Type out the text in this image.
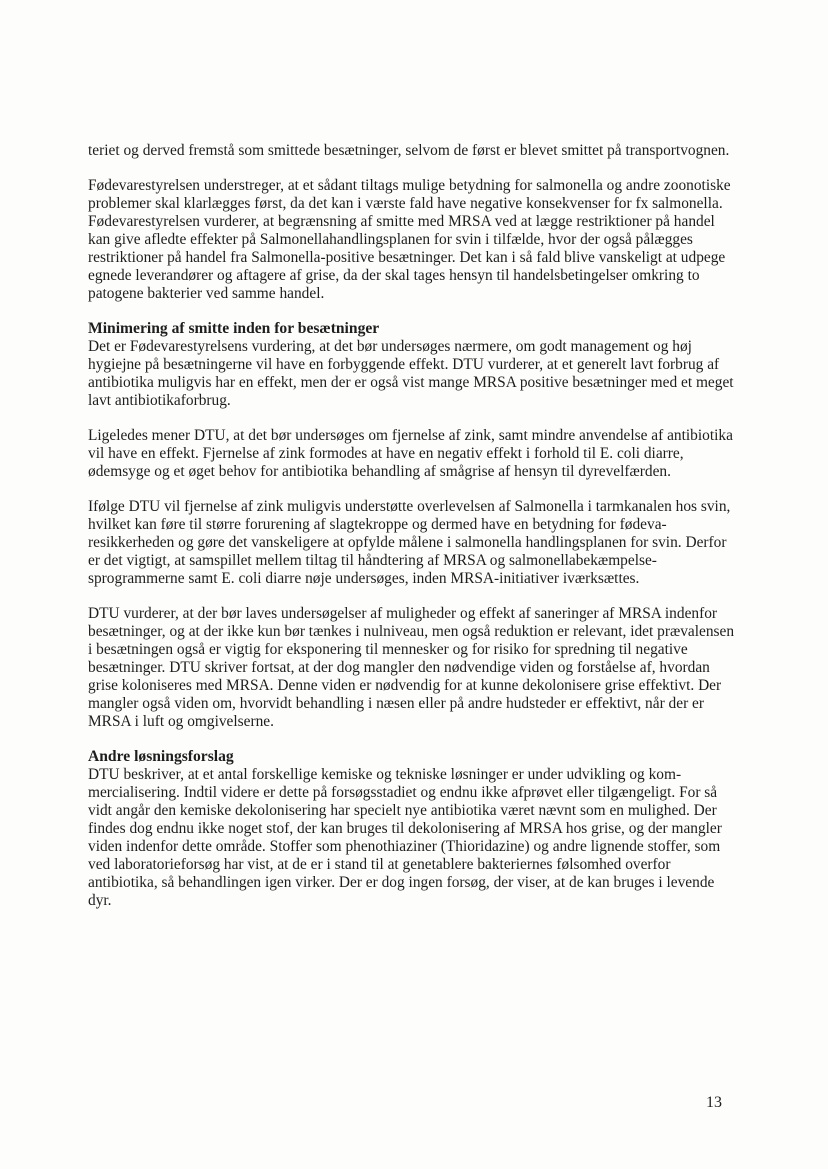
teriet og derved fremstå som smittede besætninger, selvom de først er blevet smittet på transportvognen.

Fødevarestyrelsen understreger, at et sådant tiltags mulige betydning for salmonella og andre zoonotiske problemer skal klarlægges først, da det kan i værste fald have negative konsekvenser for fx salmonella. Fødevarestyrelsen vurderer, at begrænsning af smitte med MRSA ved at lægge restriktioner på handel kan give afledte effekter på Salmonellahandlingsplanen for svin i tilfælde, hvor der også pålægges restriktioner på handel fra Salmonella-positive besætninger. Det kan i så fald blive vanskeligt at udpege egnede leverandører og aftagere af grise, da der skal tages hensyn til handelsbetingelser omkring to patogene bakterier ved samme handel.

Minimering af smitte inden for besætninger

Det er Fødevarestyrelsens vurdering, at det bør undersøges nærmere, om godt management og høj hygiejne på besætningerne vil have en forbyggende effekt. DTU vurderer, at et generelt lavt forbrug af antibiotika muligvis har en effekt, men der er også vist mange MRSA positive besætninger med et meget lavt antibiotikaforbrug.

Ligeledes mener DTU, at det bør undersøges om fjernelse af zink, samt mindre anvendelse af antibiotika vil have en effekt. Fjernelse af zink formodes at have en negativ effekt i forhold til E. coli diarre, ødemsyge og et øget behov for antibiotika behandling af smågrise af hensyn til dyrevelfærden.

Ifølge DTU vil fjernelse af zink muligvis understøtte overlevelsen af Salmonella i tarmkanalen hos svin, hvilket kan føre til større forurening af slagtekroppe og dermed have en betydning for fødevaresikkerheden og gøre det vanskeligere at opfylde målene i salmonella handlingsplanen for svin. Derfor er det vigtigt, at samspillet mellem tiltag til håndtering af MRSA og salmonellabekæmpelsesprogrammerne samt E. coli diarre nøje undersøges, inden MRSA-initiativer iværksættes.

DTU vurderer, at der bør laves undersøgelser af muligheder og effekt af saneringer af MRSA indenfor besætninger, og at der ikke kun bør tænkes i nulniveau, men også reduktion er relevant, idet prævalensen i besætningen også er vigtig for eksponering til mennesker og for risiko for spredning til negative besætninger. DTU skriver fortsat, at der dog mangler den nødvendige viden og forståelse af, hvordan grise koloniseres med MRSA. Denne viden er nødvendig for at kunne dekolonisere grise effektivt. Der mangler også viden om, hvorvidt behandling i næsen eller på andre hudsteder er effektivt, når der er MRSA i luft og omgivelserne.

Andre løsningsforslag

DTU beskriver, at et antal forskellige kemiske og tekniske løsninger er under udvikling og kommercialisering. Indtil videre er dette på forsøgsstadiet og endnu ikke afprøvet eller tilgængeligt. For så vidt angår den kemiske dekolonisering har specielt nye antibiotika været nævnt som en mulighed. Der findes dog endnu ikke noget stof, der kan bruges til dekolonisering af MRSA hos grise, og der mangler viden indenfor dette område. Stoffer som phenothiaziner (Thioridazine) og andre lignende stoffer, som ved laboratorieforsøg har vist, at de er i stand til at genetablere bakteriernes følsomhed overfor antibiotika, så behandlingen igen virker. Der er dog ingen forsøg, der viser, at de kan bruges i levende dyr.

13
